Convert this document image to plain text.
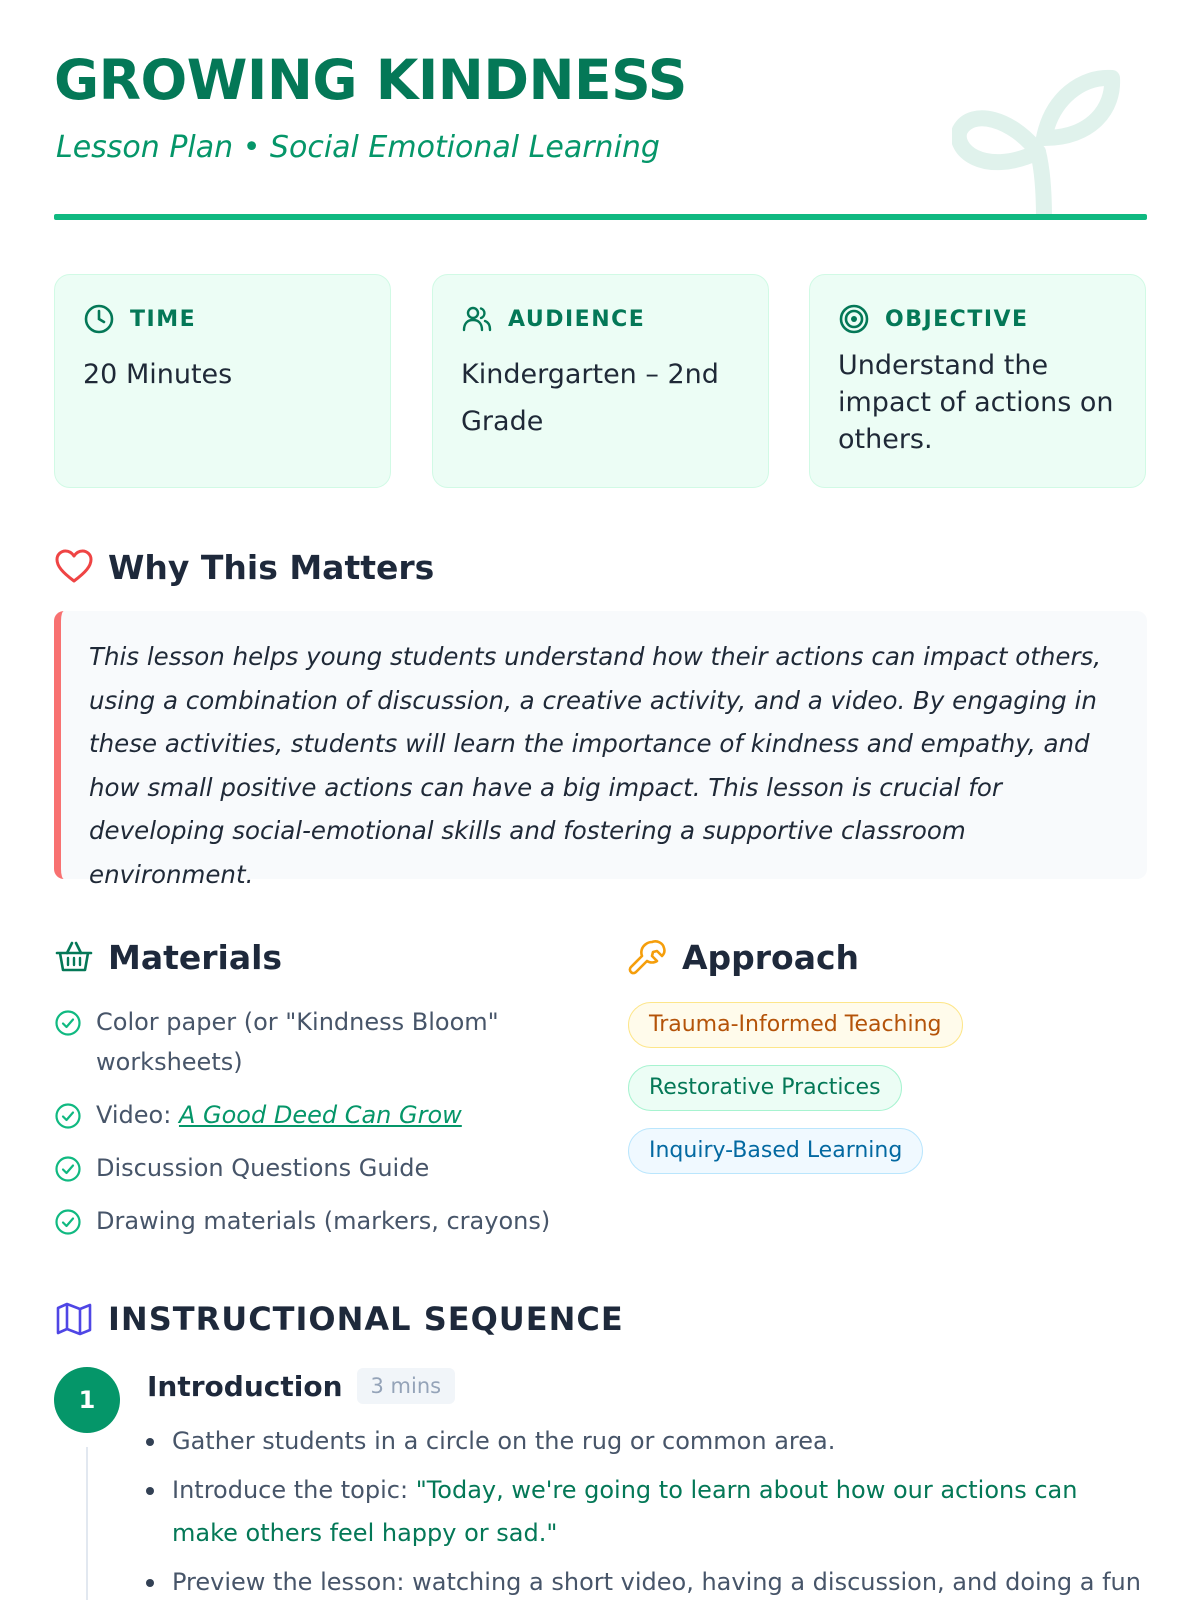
GROWING KINDNESS

Lesson Plan • Social Emotional Learning

TIME
20 Minutes
AUDIENCE
Kindergarten – 2nd Grade
OBJECTIVE
Understand the impact of actions on others.
Why This Matters

This lesson helps young students understand how their actions can impact others, using a combination of discussion, a creative activity, and a video. By engaging in these activities, students will learn the importance of kindness and empathy, and how small positive actions can have a big impact. This lesson is crucial for developing social-emotional skills and fostering a supportive classroom environment.

Materials
Color paper (or "Kindness Bloom" worksheets)
Video: A Good Deed Can Grow
Discussion Questions Guide
Drawing materials (markers, crayons)
Approach
Trauma-Informed Teaching
Restorative Practices
Inquiry-Based Learning
INSTRUCTIONAL SEQUENCE
1	Introduction	3 mins
Gather students in a circle on the rug or common area.
Introduce the topic: "Today, we're going to learn about how our actions can make others feel happy or sad."
Preview the lesson: watching a short video, having a discussion, and doing a fun
